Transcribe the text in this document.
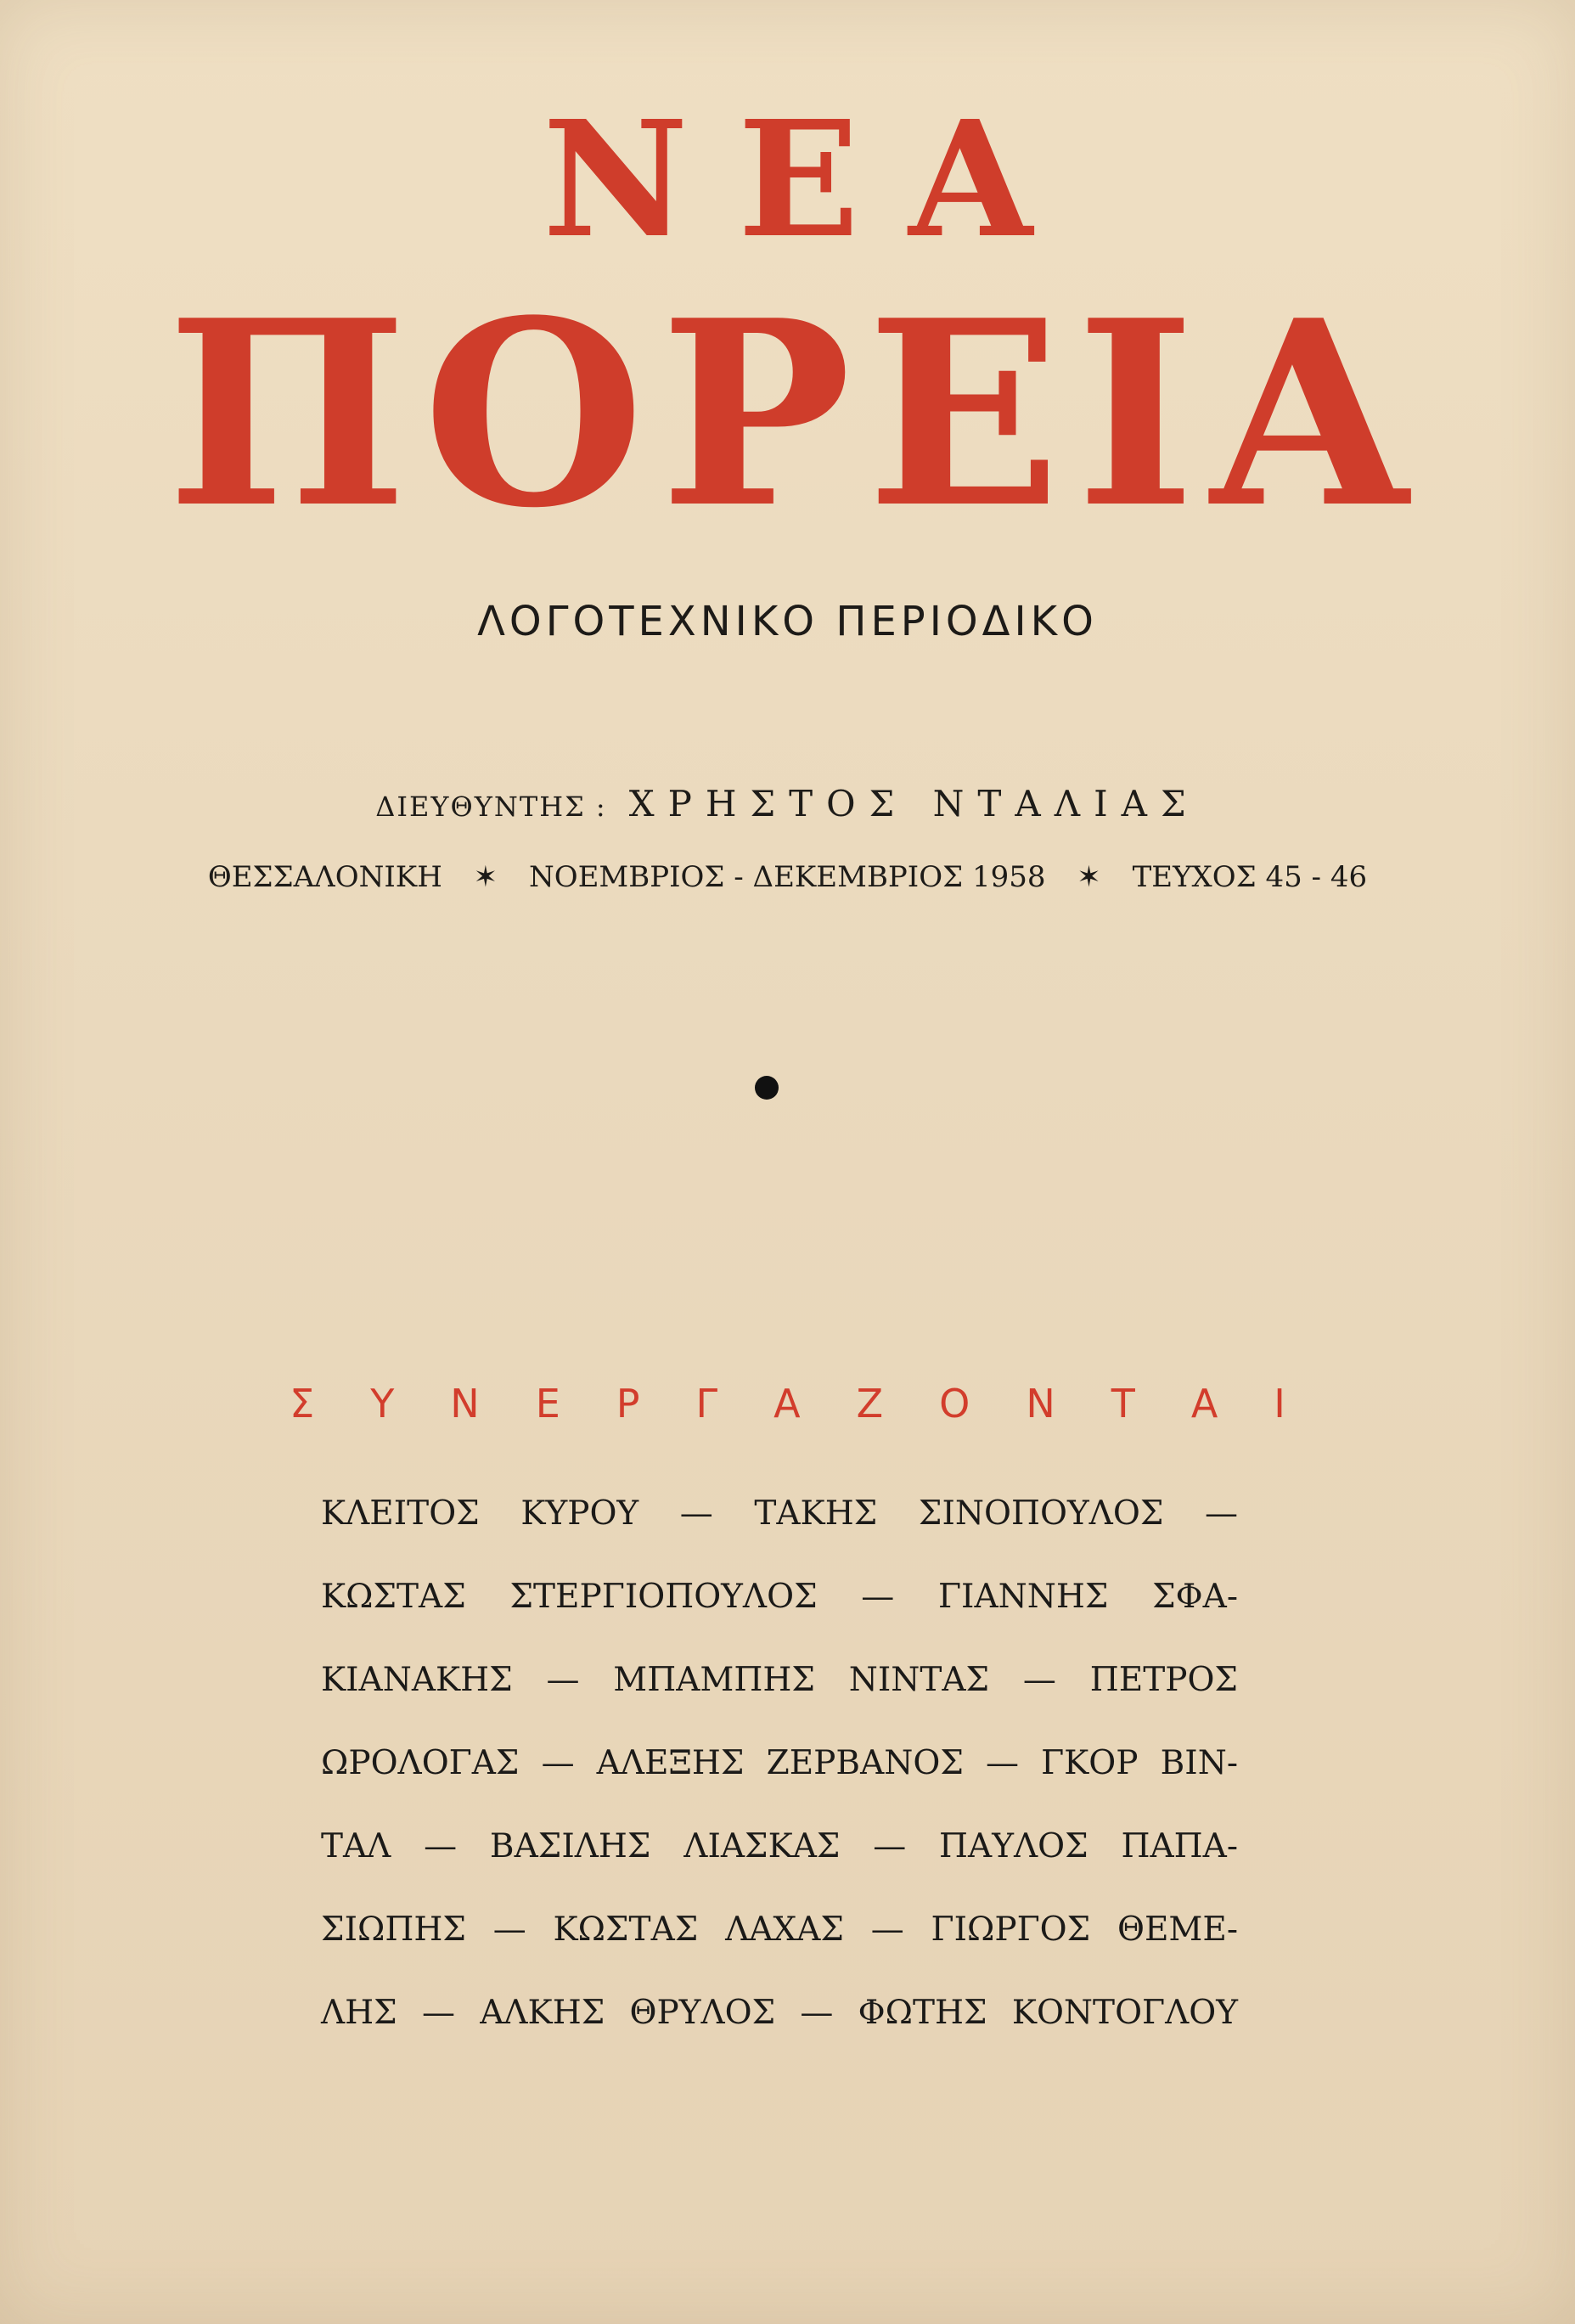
ΝΕΑ
ΠΟΡΕΙΑ
ΛΟΓΟΤΕΧΝΙΚΟ ΠΕΡΙΟΔΙΚΟ
ΔΙΕΥΘΥΝΤΗΣ : ΧΡΗΣΤΟΣ ΝΤΑΛΙΑΣ
ΘΕΣΣΑΛΟΝΙΚΗ ✶ ΝΟΕΜΒΡΙΟΣ - ΔΕΚΕΜΒΡΙΟΣ 1958 ✶ ΤΕΥΧΟΣ 45 - 46
ΣΥΝΕΡΓΑΖΟΝΤΑΙ
ΚΛΕΙΤΟΣ ΚΥΡΟΥ — ΤΑΚΗΣ ΣΙΝΟΠΟΥΛΟΣ —
ΚΩΣΤΑΣ ΣΤΕΡΓΙΟΠΟΥΛΟΣ — ΓΙΑΝΝΗΣ ΣΦΑ-
ΚΙΑΝΑΚΗΣ — ΜΠΑΜΠΗΣ ΝΙΝΤΑΣ — ΠΕΤΡΟΣ
ΩΡΟΛΟΓΑΣ — ΑΛΕΞΗΣ ΖΕΡΒΑΝΟΣ — ΓΚΟΡ ΒΙΝ-
ΤΑΛ — ΒΑΣΙΛΗΣ ΛΙΑΣΚΑΣ — ΠΑΥΛΟΣ ΠΑΠΑ-
ΣΙΩΠΗΣ — ΚΩΣΤΑΣ ΛΑΧΑΣ — ΓΙΩΡΓΟΣ ΘΕΜΕ-
ΛΗΣ — ΑΛΚΗΣ ΘΡΥΛΟΣ — ΦΩΤΗΣ ΚΟΝΤΟΓΛΟΥ
